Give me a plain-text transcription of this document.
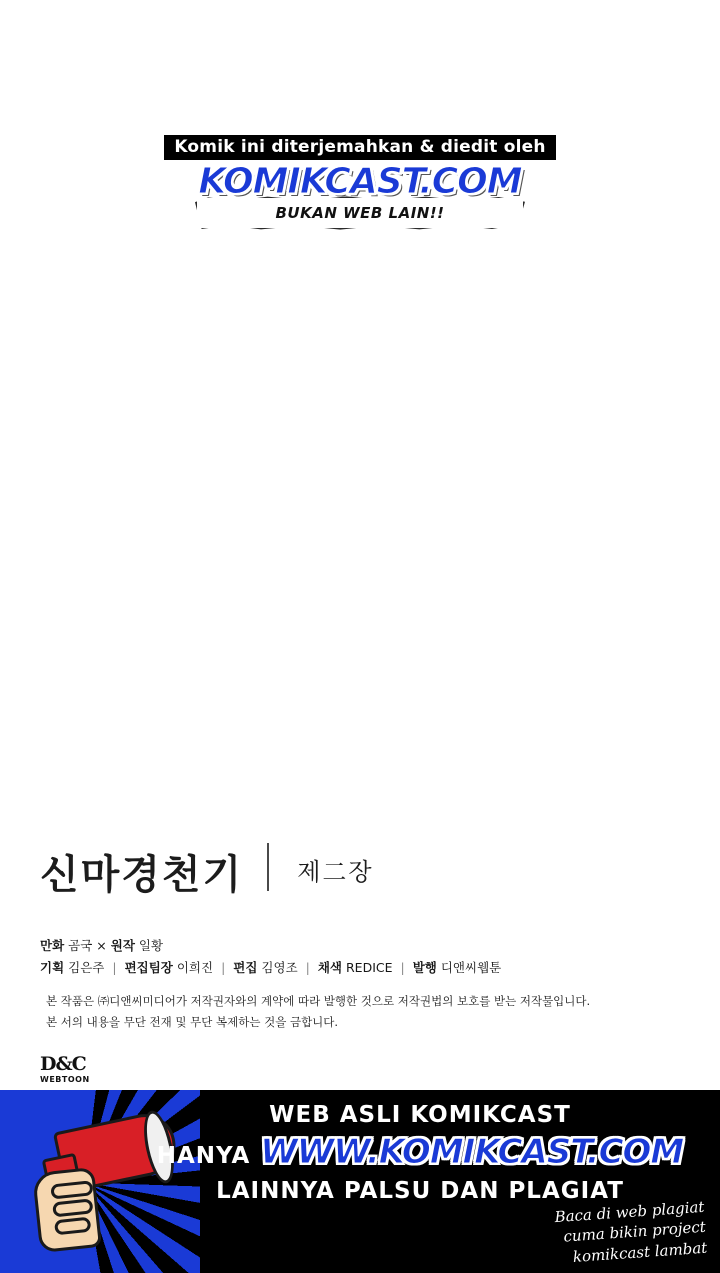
Komik ini diterjemahkan & diedit oleh
KOMIKCAST.COM
BUKAN WEB LAIN!!
신마경천기 제二장
만화 곰국 × 원작 일황
기획 김은주 | 편집팀장 이희진 | 편집 김영조 | 채색 REDICE | 발행 디앤씨웹툰
본 작품은 ㈜디앤씨미디어가 저작권자와의 계약에 따라 발행한 것으로 저작권법의 보호를 받는 저작물입니다.
본 서의 내용을 무단 전재 및 무단 복제하는 것을 금합니다.
D&C
WEBTOON
WEB ASLI KOMIKCAST
HANYA WWW.KOMIKCAST.COM
LAINNYA PALSU DAN PLAGIAT
Baca di web plagiat
cuma bikin project
komikcast lambat
